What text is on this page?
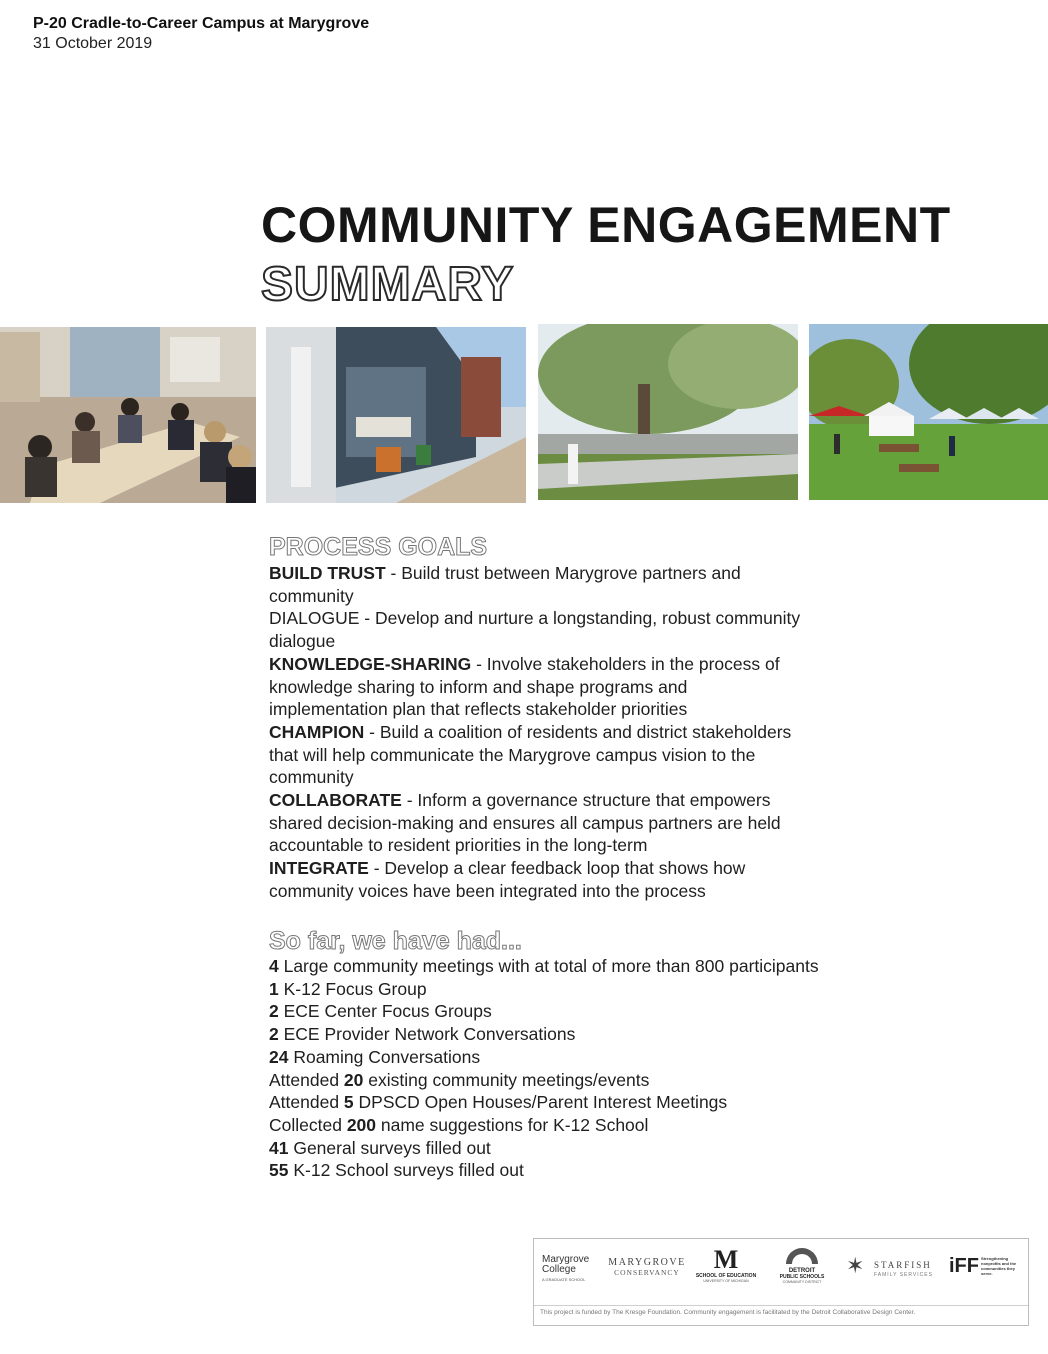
P-20 Cradle-to-Career Campus at Marygrove
31 October 2019
COMMUNITY ENGAGEMENT
SUMMARY
PROCESS GOALS

BUILD TRUST - Build trust between Marygrove partners and community

DIALOGUE - Develop and nurture a longstanding, robust community dialogue

KNOWLEDGE-SHARING - Involve stakeholders in the process of knowledge sharing to inform and shape programs and implementation plan that reflects stakeholder priorities

CHAMPION - Build a coalition of residents and district stakeholders that will help communicate the Marygrove campus vision to the community

COLLABORATE - Inform a governance structure that empowers shared decision-making and ensures all campus partners are held accountable to resident priorities in the long-term

INTEGRATE - Develop a clear feedback loop that shows how community voices have been integrated into the process

So far, we have had...

4 Large community meetings with at total of more than 800 participants

1 K-12 Focus Group

2 ECE Center Focus Groups

2 ECE Provider Network Conversations

24 Roaming Conversations

Attended 20 existing community meetings/events

Attended 5 DPSCD Open Houses/Parent Interest Meetings

Collected 200 name suggestions for K-12 School

41 General surveys filled out

55 K-12 School surveys filled out

Marygrove College
A GRADUATE SCHOOL
MARYGROVE
CONSERVANCY	M
SCHOOL OF EDUCATION
UNIVERSITY OF MICHIGAN
DETROIT
PUBLIC SCHOOLS
COMMUNITY DISTRICT
✶ STARFISH
FAMILY SERVICES iFF Strengthening nonprofits and the communities they serve.
This project is funded by The Kresge Foundation. Community engagement is facilitated by the Detroit Collaborative Design Center.
